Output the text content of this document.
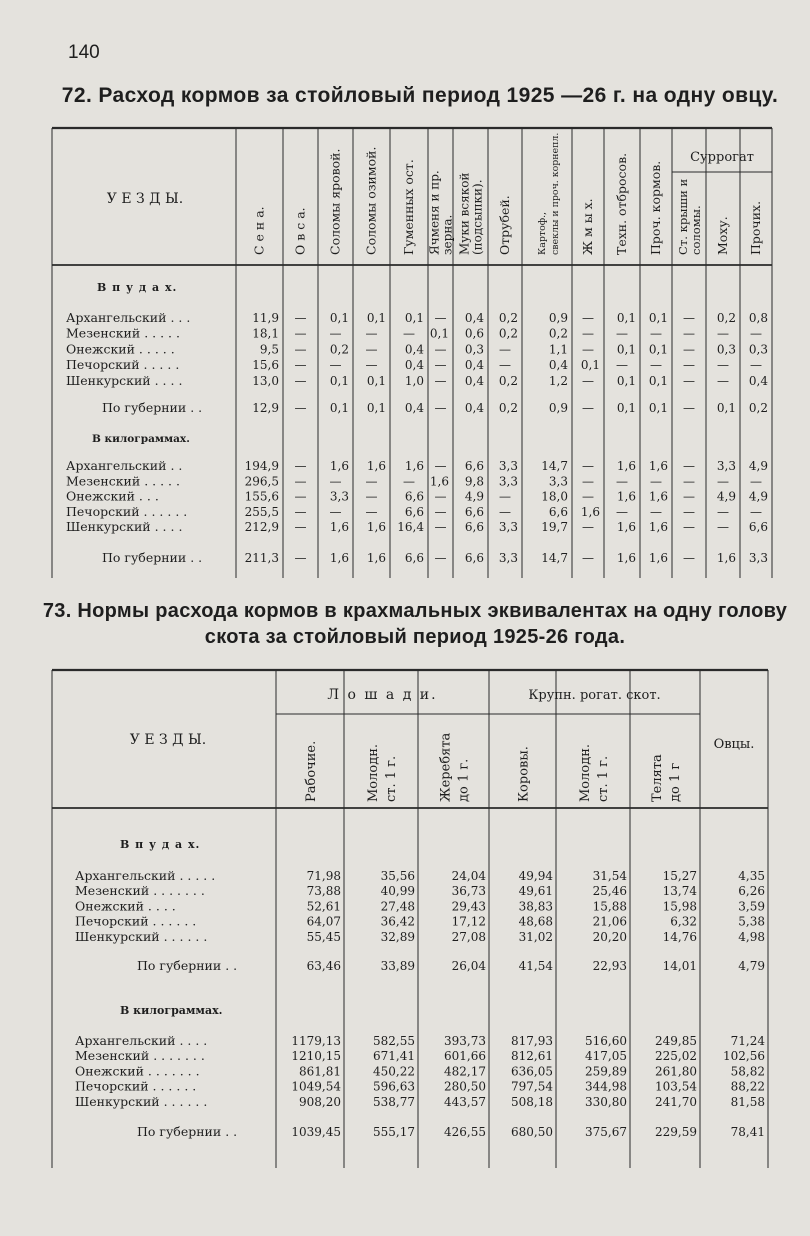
140
72. Расход кормов за стойловый период 1925 —26 г. на одну овцу.
73. Нормы расхода кормов в крахмальных эквивалентах на одну голову скота за стойловый период 1925-26 года.
У Е З Д Ы.
Суррогат
С е н а. О в с а. Соломы яровой. Соломы озимой. Гуменных ост. Ячменя и пр. зерна. Муки всякой (подсыпки). Отрубей.	Картоф., свеклы и проч. корнепл. Ж м ы х. Техн. отбросов. Проч. кормов. Ст. крыши и соломы. Моху. Прочих.
В п у д а х.
В килограммах.
Архангельский . . .	11,9 — 0,1 0,1 0,1 — 0,4 0,2	0,9 — 0,1 0,1 — 0,2 0,8
Мезенский . . . . .	18,1 — — — — 0,1 0,6 0,2	0,2 — — — — — —
Онежский . . . . .	9,5 — 0,2 — 0,4 — 0,3 —	1,1 — 0,1 0,1 — 0,3 0,3
Печорский . . . . .	15,6 — — — 0,4 — 0,4 —	0,4 0,1 — — — — —
Шенкурский . . . .	13,0 — 0,1 0,1 1,0 — 0,4 0,2	1,2 — 0,1 0,1 — — 0,4
По губернии . .	12,9 — 0,1 0,1 0,4 — 0,4 0,2	0,9 — 0,1 0,1 — 0,1 0,2
Архангельский . .	194,9 — 1,6 1,6 1,6 — 6,6 3,3 14,7 — 1,6 1,6 — 3,3 4,9
Мезенский . . . . .	296,5 — — — — 1,6 9,8 3,3	3,3 — — — — — —
Онежский . . .	155,6 — 3,3 — 6,6 — 4,9 —	18,0 — 1,6 1,6 — 4,9 4,9
Печорский . . . . . .	255,5 — — — 6,6 — 6,6 —	6,6 1,6 — — — — —
Шенкурский . . . .	212,9 — 1,6 1,6 16,4 — 6,6 3,3 19,7 — 1,6 1,6 — — 6,6
По губернии . .	211,3 — 1,6 1,6 6,6 — 6,6 3,3 14,7 — 1,6 1,6 — 1,6 3,3
У Е З Д Ы.
Л о ш а д и.	Крупн. рогат. скот.
Рабочие.	Молодн. ст. 1 г.	Жеребята до 1 г.	Коровы.	Молодн. ст. 1 г.	Телята до 1 г
Овцы.
В п у д а х.
В килограммах.
Архангельский . . . . .	71,98	35,56	24,04	49,94	31,54	15,27	4,35
Мезенский . . . . . . .	73,88	40,99	36,73	49,61	25,46	13,74	6,26
Онежский . . . .	52,61	27,48	29,43	38,83	15,88	15,98	3,59
Печорский . . . . . .	64,07	36,42	17,12	48,68	21,06	6,32	5,38
Шенкурский . . . . . .	55,45	32,89	27,08	31,02	20,20	14,76	4,98
По губернии . .	63,46	33,89	26,04	41,54	22,93	14,01	4,79
Архангельский . . . .	1179,13	582,55 393,73 817,93	516,60 249,85	71,24
Мезенский . . . . . . .	1210,15	671,41 601,66 812,61	417,05 225,02 102,56
Онежский . . . . . . .	861,81	450,22 482,17 636,05	259,89 261,80	58,82
Печорский . . . . . .	1049,54	596,63 280,50 797,54	344,98 103,54	88,22
Шенкурский . . . . . .	908,20	538,77 443,57 508,18	330,80 241,70	81,58
По губернии . .	1039,45	555,17 426,55 680,50	375,67 229,59	78,41
